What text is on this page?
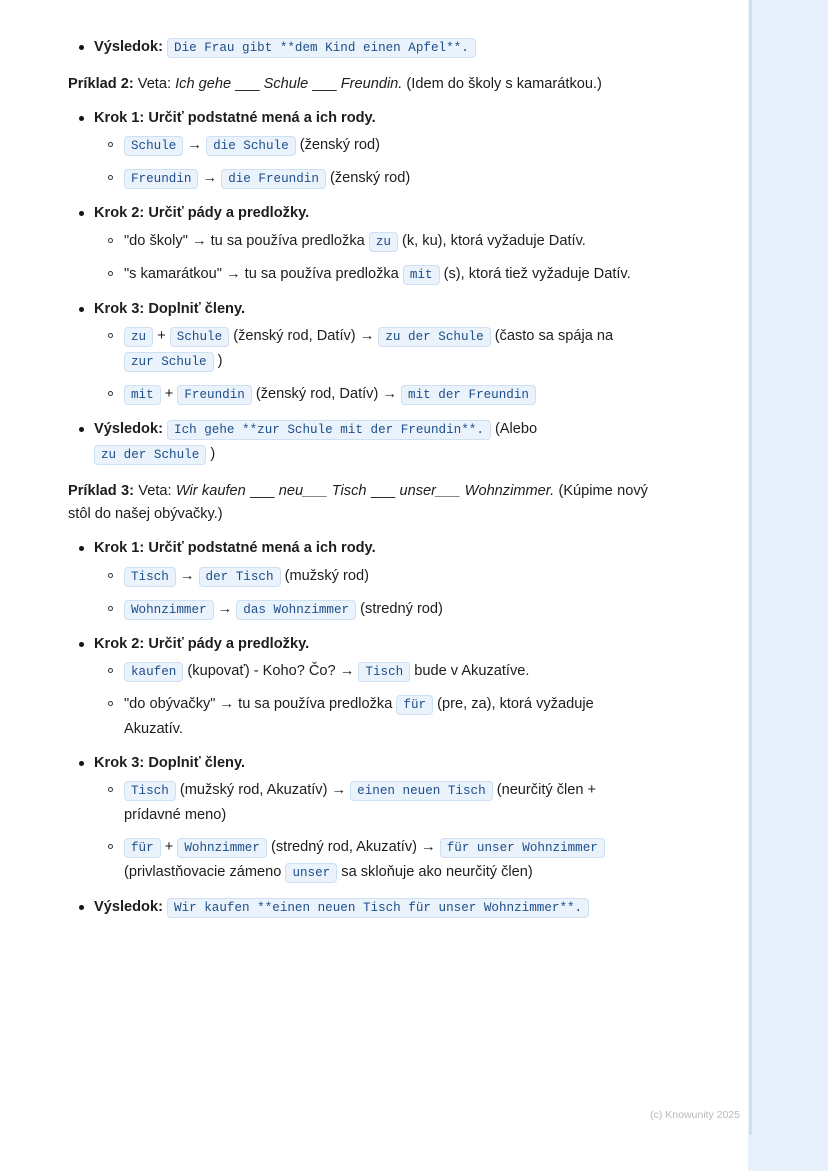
Výsledok: Die Frau gibt **dem Kind einen Apfel**.

Príklad 2: Veta: Ich gehe ___ Schule ___ Freundin. (Idem do školy s kamarátkou.)

Krok 1: Určiť podstatné mená a ich rody.
Schule → die Schule (ženský rod)
Freundin → die Freundin (ženský rod)
Krok 2: Určiť pády a predložky.
"do školy" → tu sa používa predložka zu (k, ku), ktorá vyžaduje Datív.
"s kamarátkou" → tu sa používa predložka mit (s), ktorá tiež vyžaduje Datív.
Krok 3: Doplniť členy.
zu + Schule (ženský rod, Datív) → zu der Schule (často sa spája na zur Schule )
mit + Freundin (ženský rod, Datív) → mit der Freundin
Výsledok: Ich gehe **zur Schule mit der Freundin**. (Alebo zu der Schule )

Príklad 3: Veta: Wir kaufen ___ neu___ Tisch ___ unser___ Wohnzimmer. (Kúpime nový stôl do našej obývačky.)

Krok 1: Určiť podstatné mená a ich rody.
Tisch → der Tisch (mužský rod)
Wohnzimmer → das Wohnzimmer (stredný rod)
Krok 2: Určiť pády a predložky.
kaufen (kupovať) - Koho? Čo? → Tisch bude v Akuzatíve.
"do obývačky" → tu sa používa predložka für (pre, za), ktorá vyžaduje Akuzatív.
Krok 3: Doplniť členy.
Tisch (mužský rod, Akuzatív) → einen neuen Tisch (neurčitý člen + prídavné meno)
für + Wohnzimmer (stredný rod, Akuzatív) → für unser Wohnzimmer (privlastňovacie zámeno unser sa skloňuje ako neurčitý člen)
Výsledok: Wir kaufen **einen neuen Tisch für unser Wohnzimmer**.
(c) Knowunity 2025
